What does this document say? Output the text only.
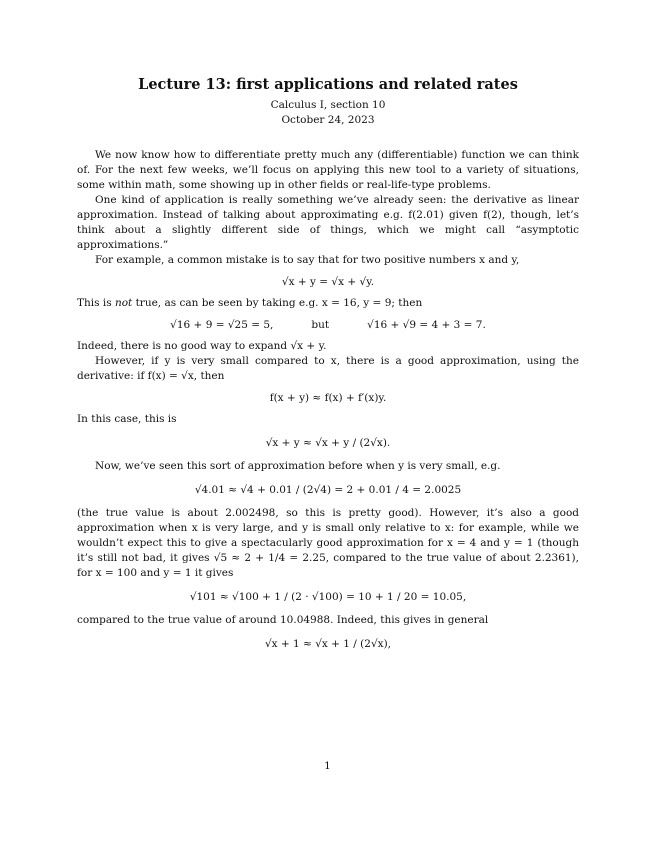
Lecture 13: first applications and related rates
Calculus I, section 10
October 24, 2023

We now know how to differentiate pretty much any (differentiable) function we can think of. For the next few weeks, we’ll focus on applying this new tool to a variety of situations, some within math, some showing up in other fields or real-life-type problems.

One kind of application is really something we’ve already seen: the derivative as linear approximation. Instead of talking about approximating e.g. f(2.01) given f(2), though, let’s think about a slightly different side of things, which we might call “asymptotic approximations.”

For example, a common mistake is to say that for two positive numbers x and y,

√x + y = √x + √y.

This is not true, as can be seen by taking e.g. x = 16, y = 9; then

√16 + 9 = √25 = 5,	but	√16 + √9 = 4 + 3 = 7.

Indeed, there is no good way to expand √x + y.

However, if y is very small compared to x, there is a good approximation, using the derivative: if f(x) = √x, then

f(x + y) ≈ f(x) + f′(x)y.

In this case, this is

√x + y ≈ √x + y / (2√x).

Now, we’ve seen this sort of approximation before when y is very small, e.g.

√4.01 ≈ √4 + 0.01 / (2√4) = 2 + 0.01 / 4 = 2.0025

(the true value is about 2.002498, so this is pretty good). However, it’s also a good approximation when x is very large, and y is small only relative to x: for example, while we wouldn’t expect this to give a spectacularly good approximation for x = 4 and y = 1 (though it’s still not bad, it gives √5 ≈ 2 + 1/4 = 2.25, compared to the true value of about 2.2361), for x = 100 and y = 1 it gives

√101 ≈ √100 + 1 / (2 · √100) = 10 + 1 / 20 = 10.05,

compared to the true value of around 10.04988. Indeed, this gives in general

√x + 1 ≈ √x + 1 / (2√x),
1
